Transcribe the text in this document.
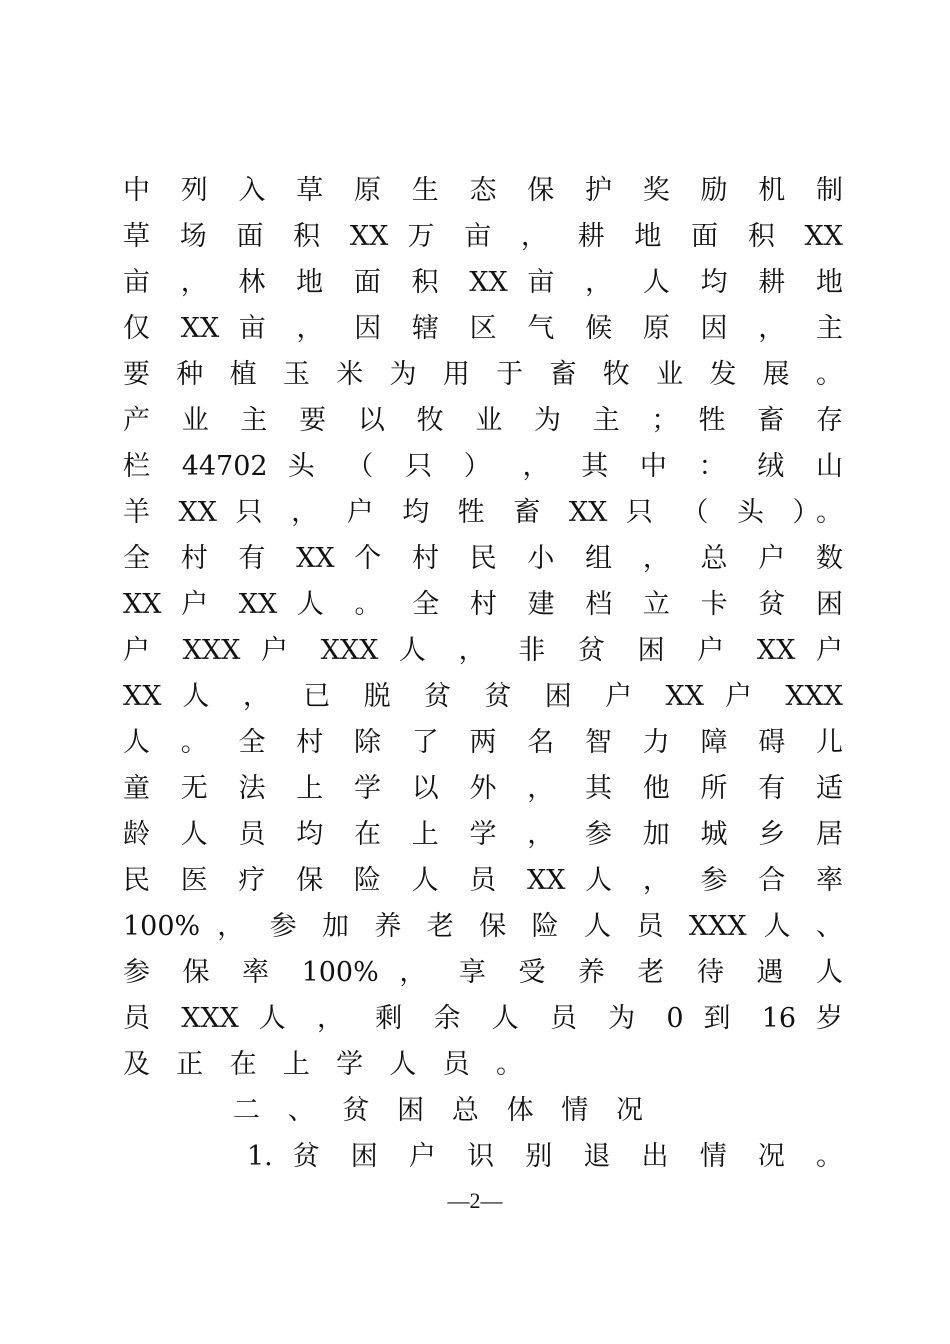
中 列 入 草 原 生 态 保 护 奖 励 机 制
草 场 面 积 XX 万 亩 ， 耕 地 面 积 XX
亩 ， 林 地 面 积 XX 亩 ， 人 均 耕 地
仅 XX 亩 ， 因 辖 区 气 候 原 因 ， 主
要 种 植 玉 米 为 用 于 畜 牧 业 发 展 。
产 业 主 要 以 牧 业 为 主 ； 牲 畜 存
栏 44702 头 （ 只 ） ， 其 中 ： 绒 山
羊 XX 只 ， 户 均 牲 畜 XX 只 （ 头 ）。
全 村 有 XX 个 村 民 小 组 ， 总 户 数
XX 户 XX 人 。 全 村 建 档 立 卡 贫 困
户 XXX 户 XXX 人 ， 非 贫 困 户 XX 户
XX 人 ， 已 脱 贫 贫 困 户 XX 户 XXX
人 。 全 村 除 了 两 名 智 力 障 碍 儿
童 无 法 上 学 以 外 ， 其 他 所 有 适
龄 人 员 均 在 上 学 ， 参 加 城 乡 居
民 医 疗 保 险 人 员 XX 人 ， 参 合 率
100% ， 参 加 养 老 保 险 人 员 XXX 人 、
参 保 率 100% ， 享 受 养 老 待 遇 人
员 XXX 人 ， 剩 余 人 员 为 0 到 16 岁
及 正 在 上 学 人 员 。
二 、 贫 困 总 体 情 况
1. 贫 困 户 识 别 退 出 情 况 。
—2—
